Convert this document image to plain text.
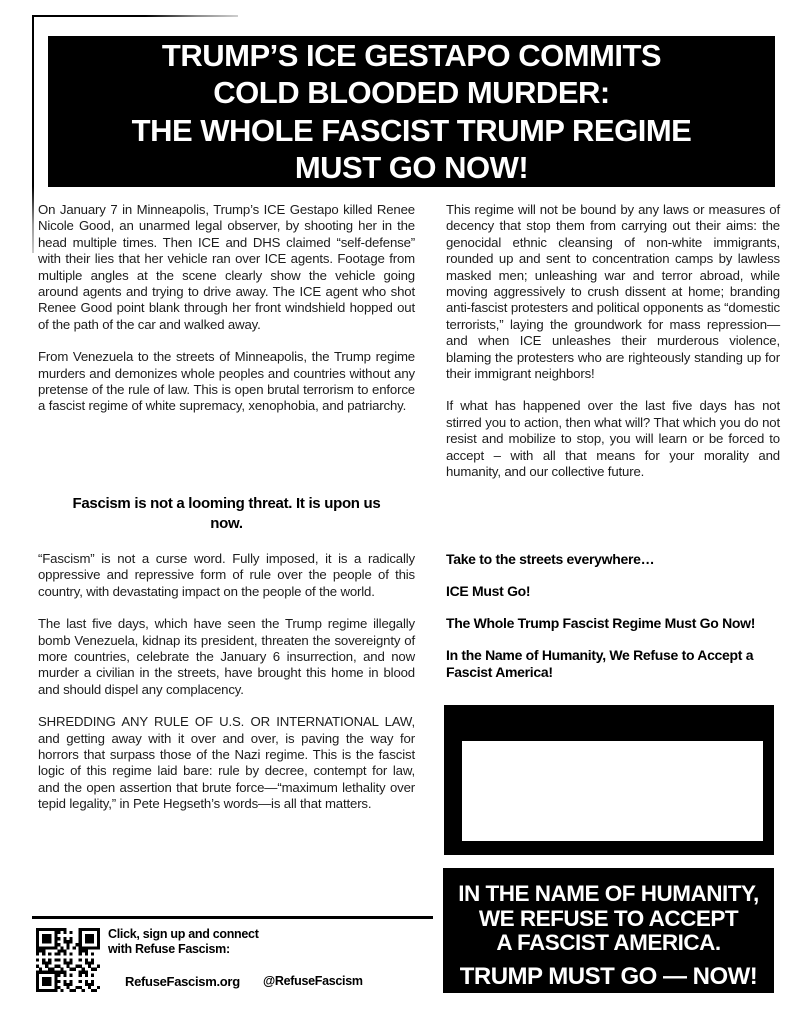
TRUMP’S ICE GESTAPO COMMITS
COLD BLOODED MURDER:
THE WHOLE FASCIST TRUMP REGIME
MUST GO NOW!

On January 7 in Minneapolis, Trump’s ICE Gestapo killed Renee Nicole Good, an unarmed legal observer, by shooting her in the head multiple times. Then ICE and DHS claimed “self-defense” with their lies that her vehicle ran over ICE agents. Footage from multiple angles at the scene clearly show the vehicle going around agents and trying to drive away. The ICE agent who shot Renee Good point blank through her front windshield hopped out of the path of the car and walked away.

From Venezuela to the streets of Minneapolis, the Trump regime murders and demonizes whole peoples and countries without any pretense of the rule of law. This is open brutal terrorism to enforce a fascist regime of white supremacy, xenophobia, and patriarchy.

Fascism is not a looming threat. It is upon us now.

“Fascism” is not a curse word. Fully imposed, it is a radically oppressive and repressive form of rule over the people of this country, with devastating impact on the people of the world.

The last five days, which have seen the Trump regime illegally bomb Venezuela, kidnap its president, threaten the sovereignty of more countries, celebrate the January 6 insurrection, and now murder a civilian in the streets, have brought this home in blood and should dispel any complacency.

SHREDDING ANY RULE OF U.S. OR INTERNATIONAL LAW, and getting away with it over and over, is paving the way for horrors that surpass those of the Nazi regime. This is the fascist logic of this regime laid bare: rule by decree, contempt for law, and the open assertion that brute force—“maximum lethality over tepid legality,” in Pete Hegseth’s words—is all that matters.

This regime will not be bound by any laws or measures of decency that stop them from carrying out their aims: the genocidal ethnic cleansing of non-white immigrants, rounded up and sent to concentration camps by lawless masked men; unleashing war and terror abroad, while moving aggressively to crush dissent at home; branding anti-fascist protesters and political opponents as “domestic terrorists,” laying the groundwork for mass repression—and when ICE unleashes their murderous violence, blaming the protesters who are righteously standing up for their immigrant neighbors!

If what has happened over the last five days has not stirred you to action, then what will? That which you do not resist and mobilize to stop, you will learn or be forced to accept – with all that means for your morality and humanity, and our collective future.

Take to the streets everywhere…
ICE Must Go!
The Whole Trump Fascist Regime Must Go Now!
In the Name of Humanity, We Refuse to Accept a Fascist America!
IN THE NAME OF HUMANITY,
WE REFUSE TO ACCEPT
A FASCIST AMERICA.
TRUMP MUST GO — NOW!
Click, sign up and connect
with Refuse Fascism:
RefuseFascism.org @RefuseFascism
